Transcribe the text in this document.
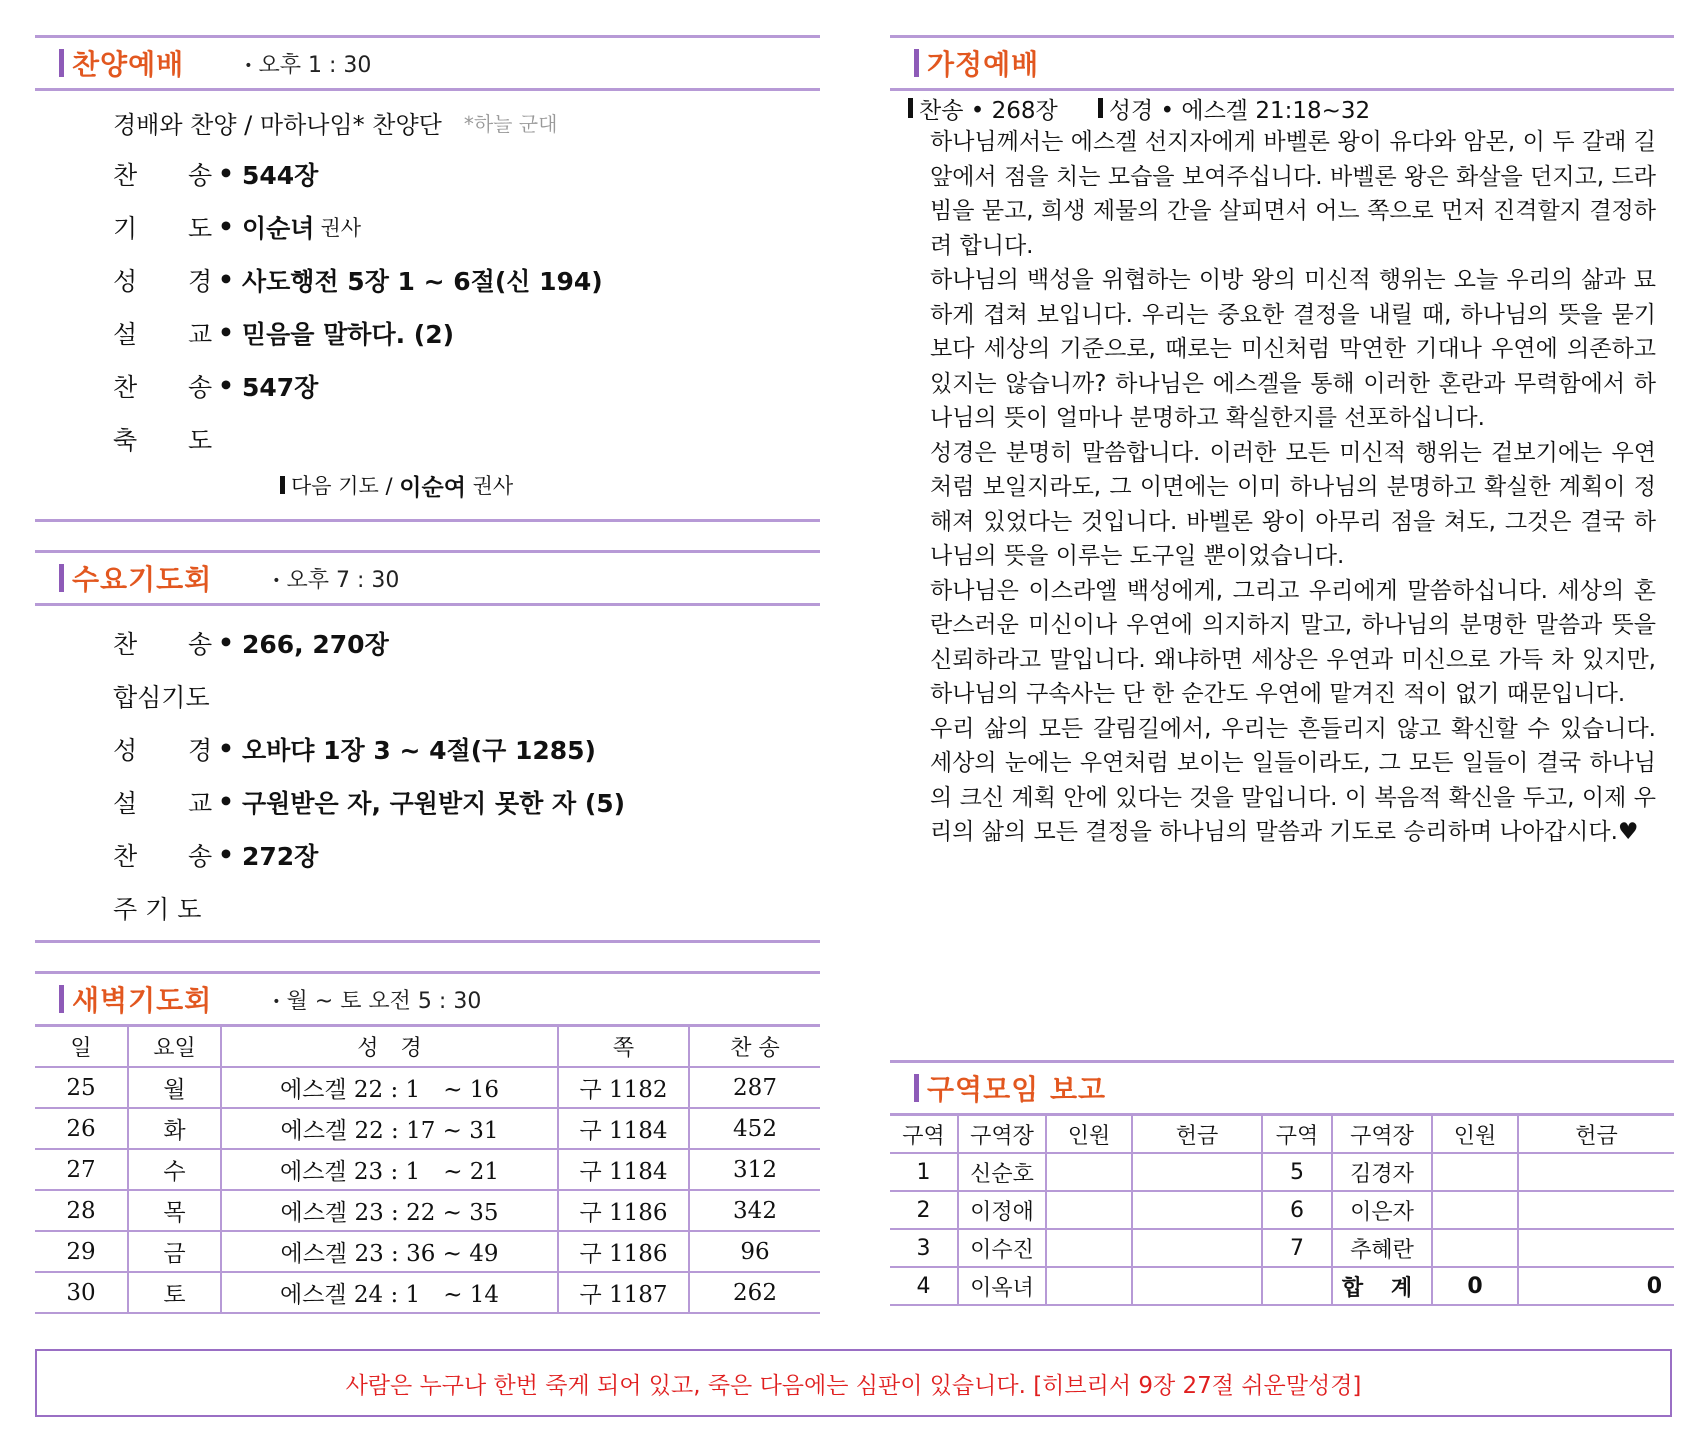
찬양예배	• 오후 1 : 30
경배와 찬양 / 마하나임* 찬양단 *하늘 군대
찬	송 • 544장
기	도 • 이순녀 권사
성	경 • 사도행전 5장 1 ~ 6절(신 194)
설	교 • 믿음을 말하다. (2)
찬	송 • 547장
축	도
다음 기도 /
이순여
권사
수요기도회	• 오후 7 : 30
찬	송 • 266, 270장
합심기도
성	경 • 오바댜 1장 3 ~ 4절(구 1285)
설	교 • 구원받은 자, 구원받지 못한 자 (5)
찬	송 • 272장
주 기 도
새벽기도회	• 월 ~ 토 오전 5 : 30
일	요일	성　경	쪽	찬 송
25	월	에스겔 22 : 1　~ 16	구 1182	287
26	화	에스겔 22 : 17 ~ 31	구 1184	452
27	수	에스겔 23 : 1　~ 21	구 1184	312
28	목	에스겔 23 : 22 ~ 35	구 1186	342
29	금	에스겔 23 : 36 ~ 49	구 1186	96
30	토	에스겔 24 : 1　~ 14	구 1187	262
가정예배
찬송 • 268장 성경 • 에스겔 21:18~32

하나님께서는 에스겔 선지자에게 바벨론 왕이 유다와 암몬, 이 두 갈래 길 앞에서 점을 치는 모습을 보여주십니다. 바벨론 왕은 화살을 던지고, 드라빔을 묻고, 희생 제물의 간을 살피면서 어느 쪽으로 먼저 진격할지 결정하려 합니다.

하나님의 백성을 위협하는 이방 왕의 미신적 행위는 오늘 우리의 삶과 묘하게 겹쳐 보입니다. 우리는 중요한 결정을 내릴 때, 하나님의 뜻을 묻기보다 세상의 기준으로, 때로는 미신처럼 막연한 기대나 우연에 의존하고 있지는 않습니까? 하나님은 에스겔을 통해 이러한 혼란과 무력함에서 하나님의 뜻이 얼마나 분명하고 확실한지를 선포하십니다.

성경은 분명히 말씀합니다. 이러한 모든 미신적 행위는 겉보기에는 우연처럼 보일지라도, 그 이면에는 이미 하나님의 분명하고 확실한 계획이 정해져 있었다는 것입니다. 바벨론 왕이 아무리 점을 쳐도, 그것은 결국 하나님의 뜻을 이루는 도구일 뿐이었습니다.

하나님은 이스라엘 백성에게, 그리고 우리에게 말씀하십니다. 세상의 혼란스러운 미신이나 우연에 의지하지 말고, 하나님의 분명한 말씀과 뜻을 신뢰하라고 말입니다. 왜냐하면 세상은 우연과 미신으로 가득 차 있지만, 하나님의 구속사는 단 한 순간도 우연에 맡겨진 적이 없기 때문입니다.

우리 삶의 모든 갈림길에서, 우리는 흔들리지 않고 확신할 수 있습니다. 세상의 눈에는 우연처럼 보이는 일들이라도, 그 모든 일들이 결국 하나님의 크신 계획 안에 있다는 것을 말입니다. 이 복음적 확신을 두고, 이제 우리의 삶의 모든 결정을 하나님의 말씀과 기도로 승리하며 나아갑시다.♥

구역모임 보고
구역	구역장	인원	헌금	구역	구역장	인원	헌금
1	신순호			5	김경자		
2	이정애			6	이은자		
3	이수진			7	추혜란		
4	이옥녀				합 계	0	0
사람은 누구나 한번 죽게 되어 있고, 죽은 다음에는 심판이 있습니다. [히브리서 9장 27절 쉬운말성경]
